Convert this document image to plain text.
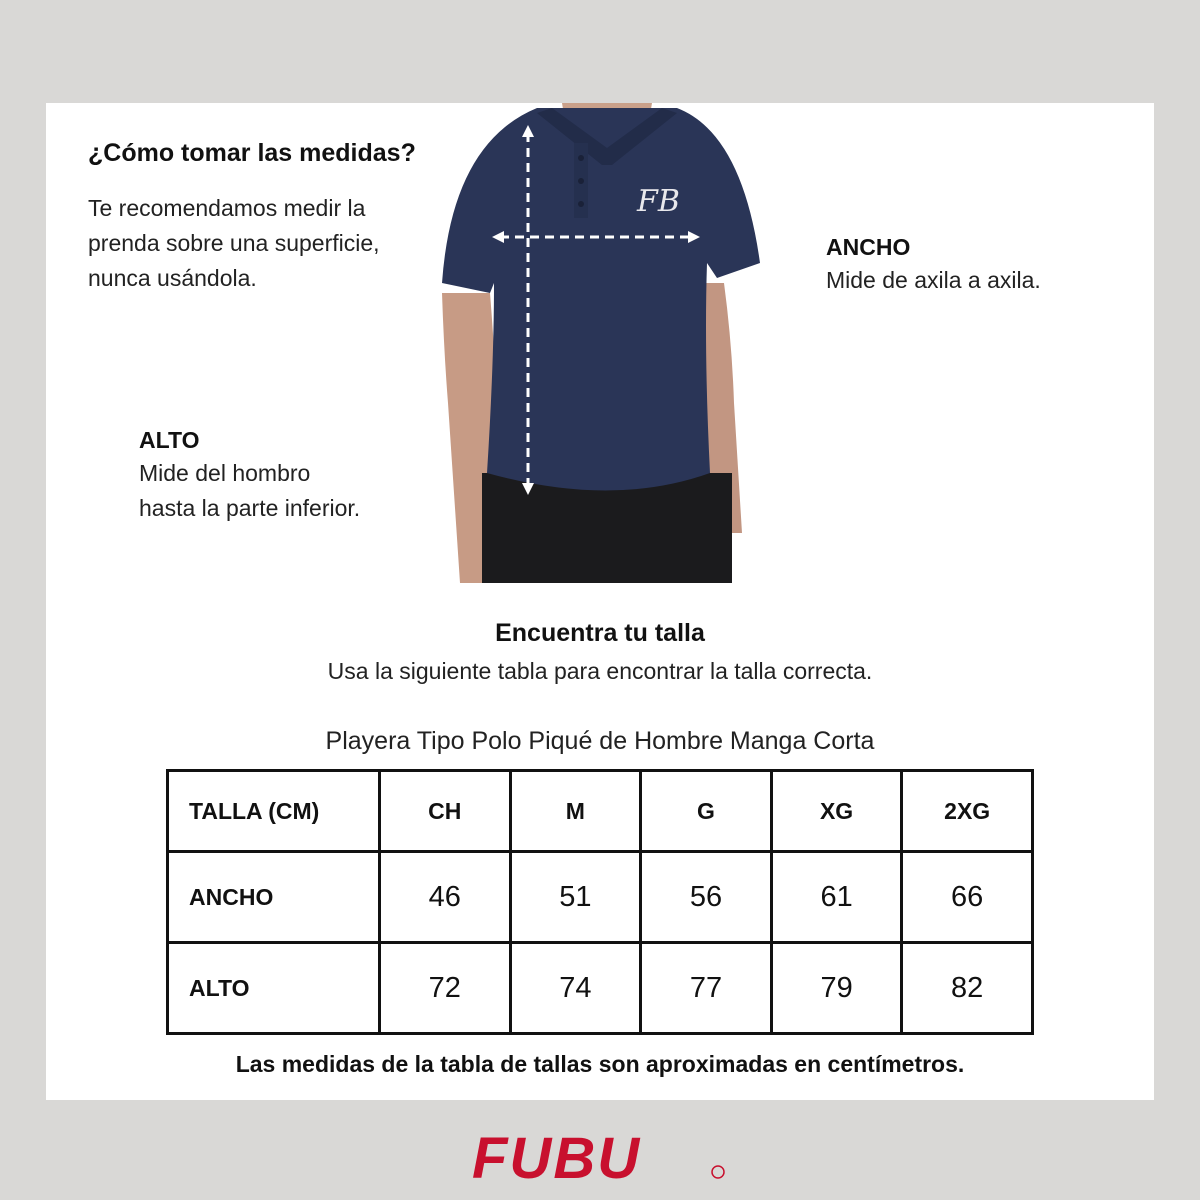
¿Cómo tomar las medidas?
Te recomendamos medir la prenda sobre una superficie, nunca usándola.
FB
ANCHO
Mide de axila a axila.
ALTO
Mide del hombro
hasta la parte inferior.
Encuentra tu talla
Usa la siguiente tabla para encontrar la talla correcta.
Playera Tipo Polo Piqué de Hombre Manga Corta
TALLA (CM)	CH	M	G	XG	2XG
ANCHO	46	51	56	61	66
ALTO	72	74	77	79	82
Las medidas de la tabla de tallas son aproximadas en centímetros.
FUBU
